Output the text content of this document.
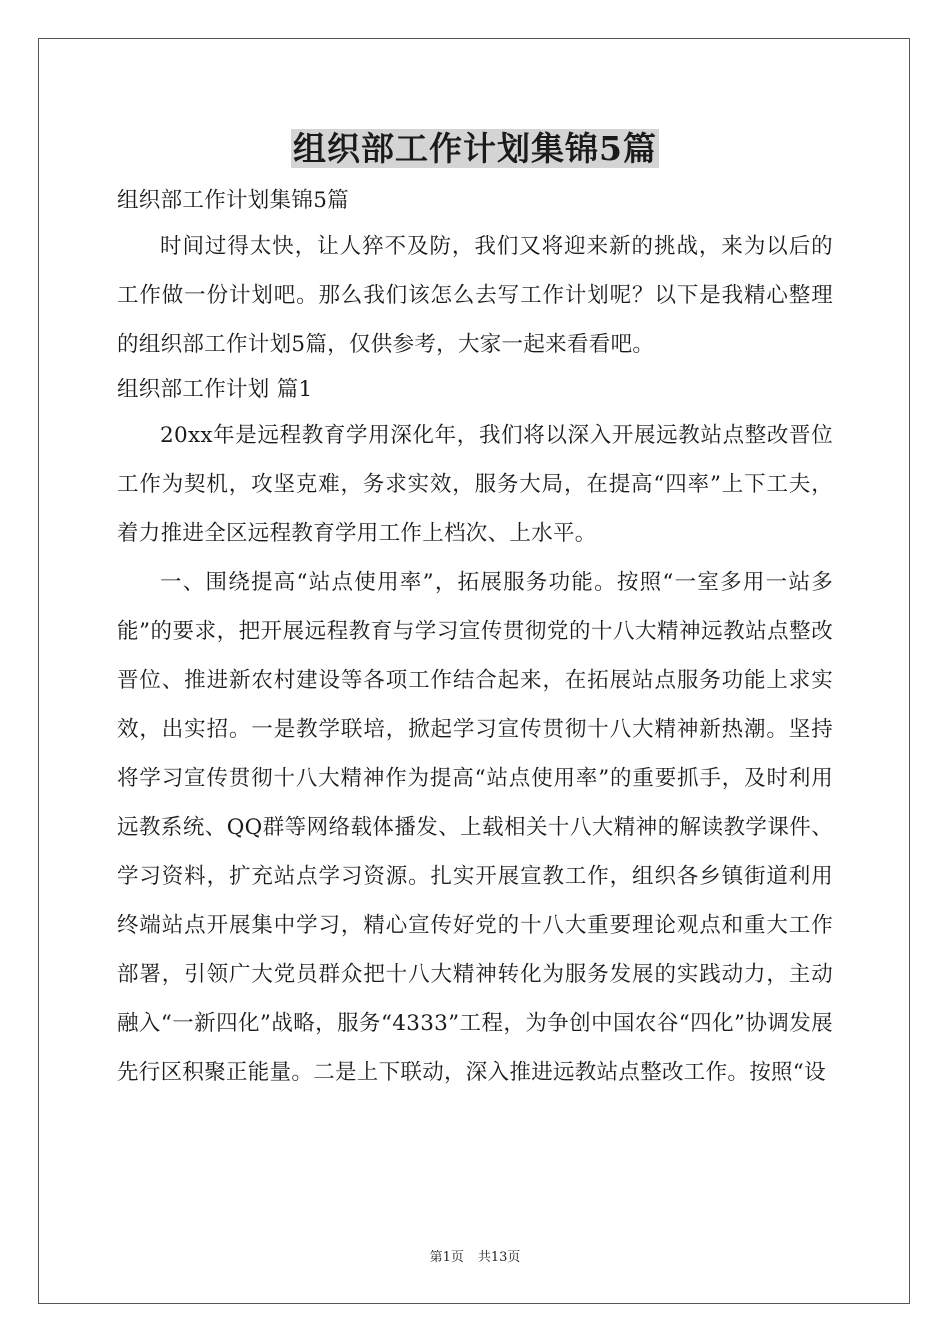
组织部工作计划集锦5篇

组织部工作计划集锦5篇

时间过得太快，让人猝不及防，我们又将迎来新的挑战，来为以后的工作做一份计划吧。那么我们该怎么去写工作计划呢？以下是我精心整理的组织部工作计划5篇，仅供参考，大家一起来看看吧。

组织部工作计划 篇1

20xx年是远程教育学用深化年，我们将以深入开展远教站点整改晋位工作为契机，攻坚克难，务求实效，服务大局，在提高“四率”上下工夫，着力推进全区远程教育学用工作上档次、上水平。

一、围绕提高“站点使用率”，拓展服务功能。按照“一室多用一站多能”的要求，把开展远程教育与学习宣传贯彻党的十八大精神远教站点整改晋位、推进新农村建设等各项工作结合起来，在拓展站点服务功能上求实效，出实招。一是教学联培，掀起学习宣传贯彻十八大精神新热潮。坚持将学习宣传贯彻十八大精神作为提高“站点使用率”的重要抓手，及时利用远教系统、QQ群等网络载体播发、上载相关十八大精神的解读教学课件、学习资料，扩充站点学习资源。扎实开展宣教工作，组织各乡镇街道利用终端站点开展集中学习，精心宣传好党的十八大重要理论观点和重大工作部署，引领广大党员群众把十八大精神转化为服务发展的实践动力，主动融入“一新四化”战略，服务“4333”工程，为争创中国农谷“四化”协调发展先行区积聚正能量。二是上下联动，深入推进远教站点整改工作。按照“设

第1页 共13页
